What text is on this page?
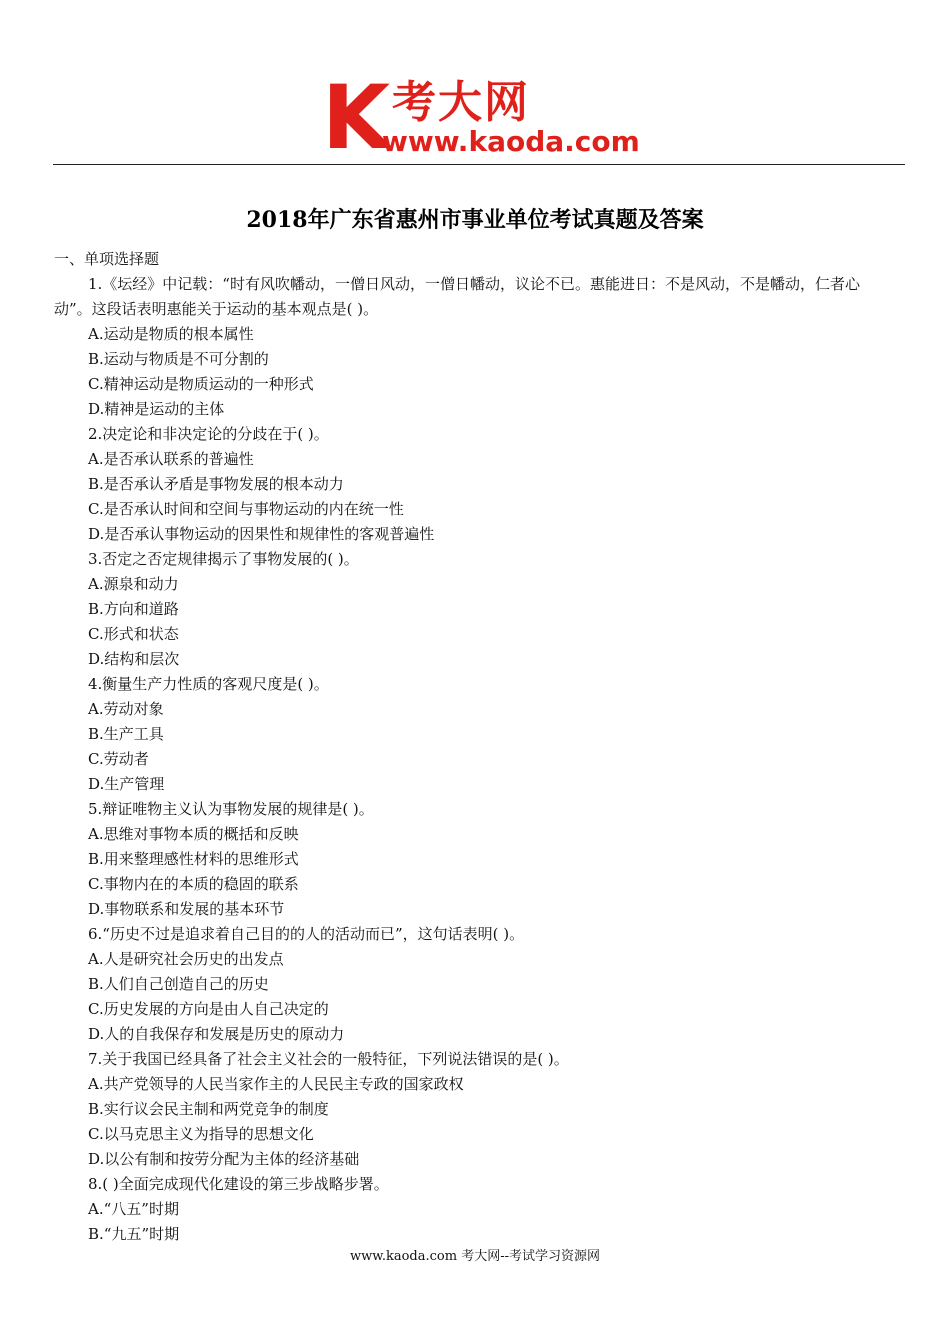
K 考大网
www.kaoda.com
2018年广东省惠州市事业单位考试真题及答案
一、单项选择题
1.《坛经》中记载：“时有风吹幡动，一僧日风动，一僧日幡动，议论不已。惠能进日：不是风动，不是幡动，仁者心
动”。这段话表明惠能关于运动的基本观点是( )。
A.运动是物质的根本属性
B.运动与物质是不可分割的
C.精神运动是物质运动的一种形式
D.精神是运动的主体
2.决定论和非决定论的分歧在于( )。
A.是否承认联系的普遍性
B.是否承认矛盾是事物发展的根本动力
C.是否承认时间和空间与事物运动的内在统一性
D.是否承认事物运动的因果性和规律性的客观普遍性
3.否定之否定规律揭示了事物发展的( )。
A.源泉和动力
B.方向和道路
C.形式和状态
D.结构和层次
4.衡量生产力性质的客观尺度是( )。
A.劳动对象
B.生产工具
C.劳动者
D.生产管理
5.辩证唯物主义认为事物发展的规律是( )。
A.思维对事物本质的概括和反映
B.用来整理感性材料的思维形式
C.事物内在的本质的稳固的联系
D.事物联系和发展的基本环节
6.“历史不过是追求着自己目的的人的活动而已”，这句话表明( )。
A.人是研究社会历史的出发点
B.人们自己创造自己的历史
C.历史发展的方向是由人自己决定的
D.人的自我保存和发展是历史的原动力
7.关于我国已经具备了社会主义社会的一般特征，下列说法错误的是( )。
A.共产党领导的人民当家作主的人民民主专政的国家政权
B.实行议会民主制和两党竞争的制度
C.以马克思主义为指导的思想文化
D.以公有制和按劳分配为主体的经济基础
8.( )全面完成现代化建设的第三步战略步署。
A.“八五”时期
B.“九五”时期
www.kaoda.com 考大网--考试学习资源网
